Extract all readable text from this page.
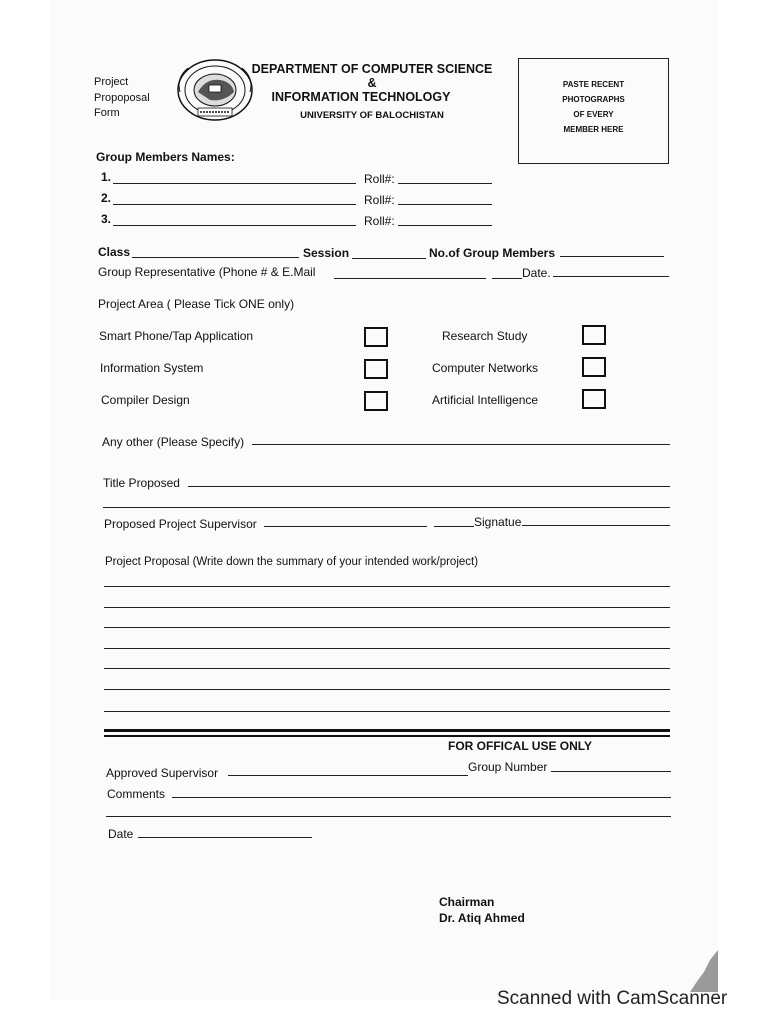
Project
Propoposal
Form
DEPARTMENT OF COMPUTER SCIENCE
&
INFORMATION TECHNOLOGY
UNIVERSITY OF BALOCHISTAN
PASTE RECENT
PHOTOGRAPHS
OF EVERY
MEMBER HERE
Group Members Names:
1.	Roll#:
2.	Roll#:
3.	Roll#:
Class	Session	No.of Group Members
Group Representative (Phone # & E.Mail	Date.
Project Area ( Please Tick ONE only)
Smart Phone/Tap Application	Research Study
Information System	Computer Networks
Compiler Design	Artificial Intelligence
Any other (Please Specify)
Title Proposed
Proposed Project Supervisor	Signatue
Project Proposal (Write down the summary of your intended work/project)
FOR OFFICAL USE ONLY
Approved Supervisor	Group Number
Comments
Date
Chairman
Dr. Atiq Ahmed
Scanned with CamScanner
